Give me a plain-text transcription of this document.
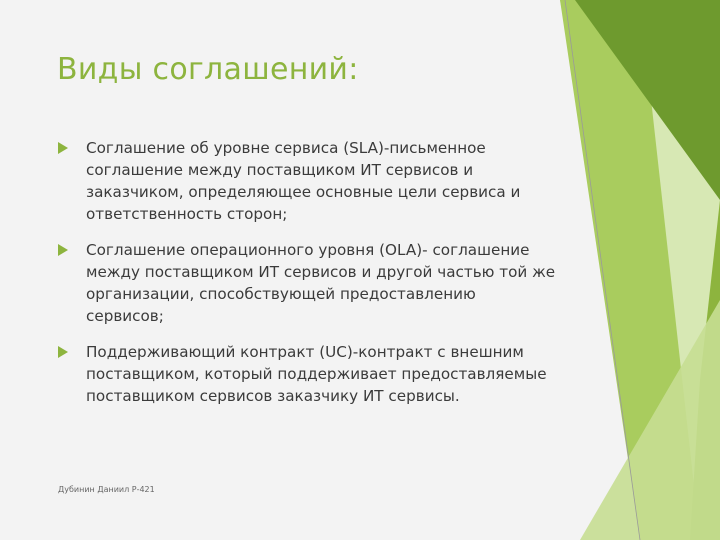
Виды соглашений:
Соглашение об уровне сервиса (SLA)-письменное соглашение между поставщиком ИТ сервисов и заказчиком, определяющее основные цели сервиса и ответственность сторон;
Соглашение операционного уровня (OLA)- соглашение между поставщиком ИТ сервисов и другой частью той же организации, способствующей предоставлению сервисов;
Поддерживающий контракт (UC)-контракт с внешним поставщиком, который поддерживает предоставляемые поставщиком сервисов заказчику ИТ сервисы.
Дубинин Даниил Р-421
